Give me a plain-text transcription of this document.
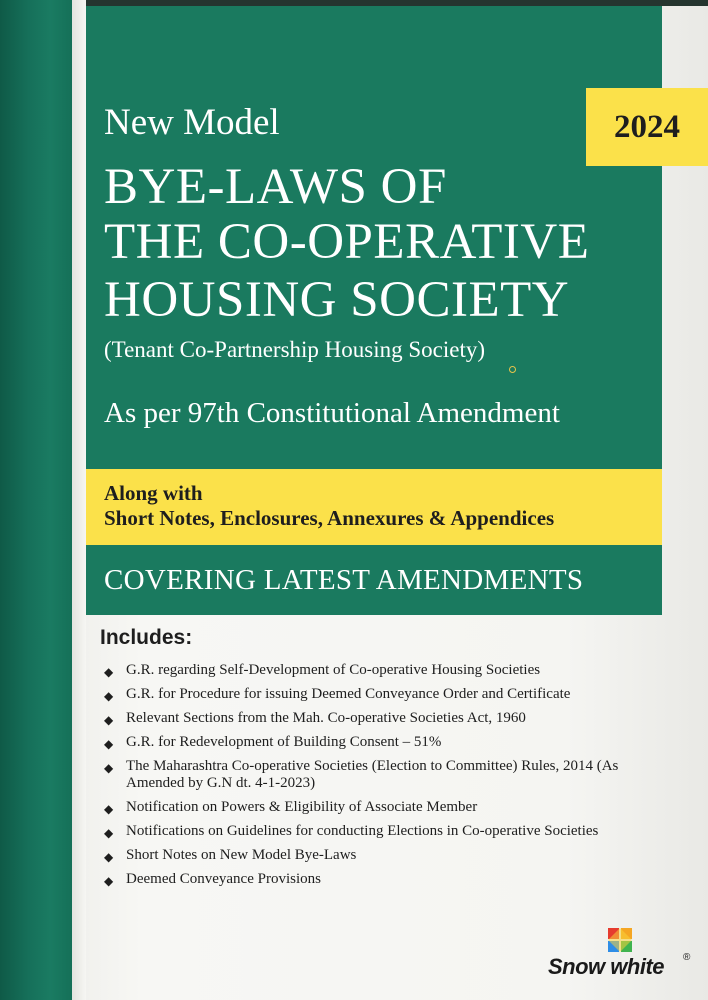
New Model
BYE-LAWS OF
THE CO-OPERATIVE
HOUSING SOCIETY
(Tenant Co-Partnership Housing Society)
As per 97th Constitutional Amendment
2024
Along with
Short Notes, Enclosures, Annexures & Appendices
COVERING LATEST AMENDMENTS
Includes:
◆ G.R. regarding Self-Development of Co-operative Housing Societies
◆ G.R. for Procedure for issuing Deemed Conveyance Order and Certificate
◆ Relevant Sections from the Mah. Co-operative Societies Act, 1960
◆ G.R. for Redevelopment of Building Consent – 51%
◆ The Maharashtra Co-operative Societies (Election to Committee) Rules, 2014 (As Amended by G.N dt. 4-1-2023)
◆ Notification on Powers & Eligibility of Associate Member
◆ Notifications on Guidelines for conducting Elections in Co-operative Societies
◆ Short Notes on New Model Bye-Laws
◆ Deemed Conveyance Provisions
Snow white ®
